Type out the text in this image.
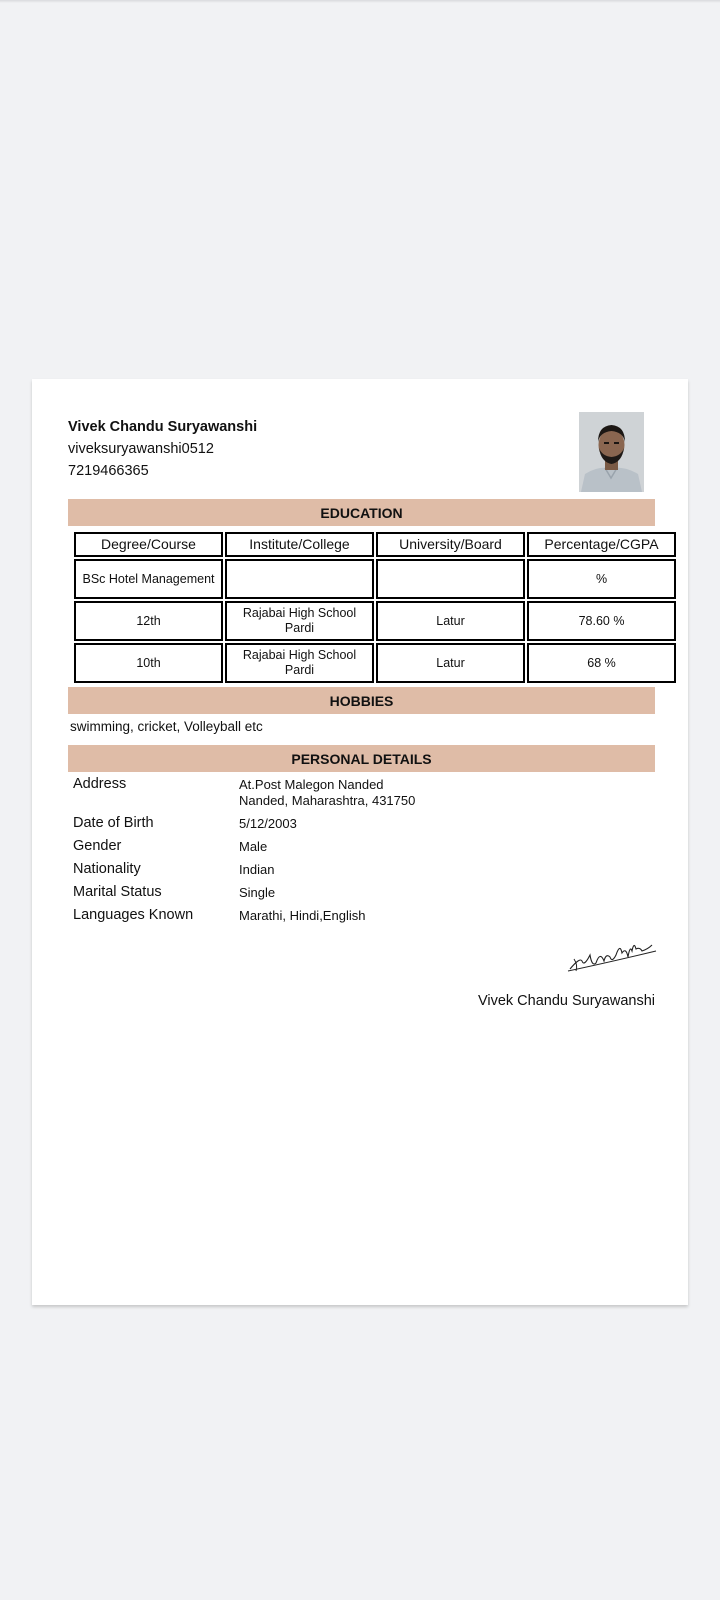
Vivek Chandu Suryawanshi
viveksuryawanshi0512
7219466365
EDUCATION
Degree/Course	Institute/College	University/Board	Percentage/CGPA
BSc Hotel Management			%
12th	Rajabai High School Pardi	Latur	78.60 %
10th	Rajabai High School Pardi	Latur	68 %
HOBBIES
swimming, cricket, Volleyball etc
PERSONAL DETAILS
Address	At.Post Malegon Nanded
Nanded, Maharashtra, 431750
Date of Birth	5/12/2003
Gender	Male
Nationality	Indian
Marital Status	Single
Languages Known	Marathi, Hindi,English
Vivek Chandu Suryawanshi
